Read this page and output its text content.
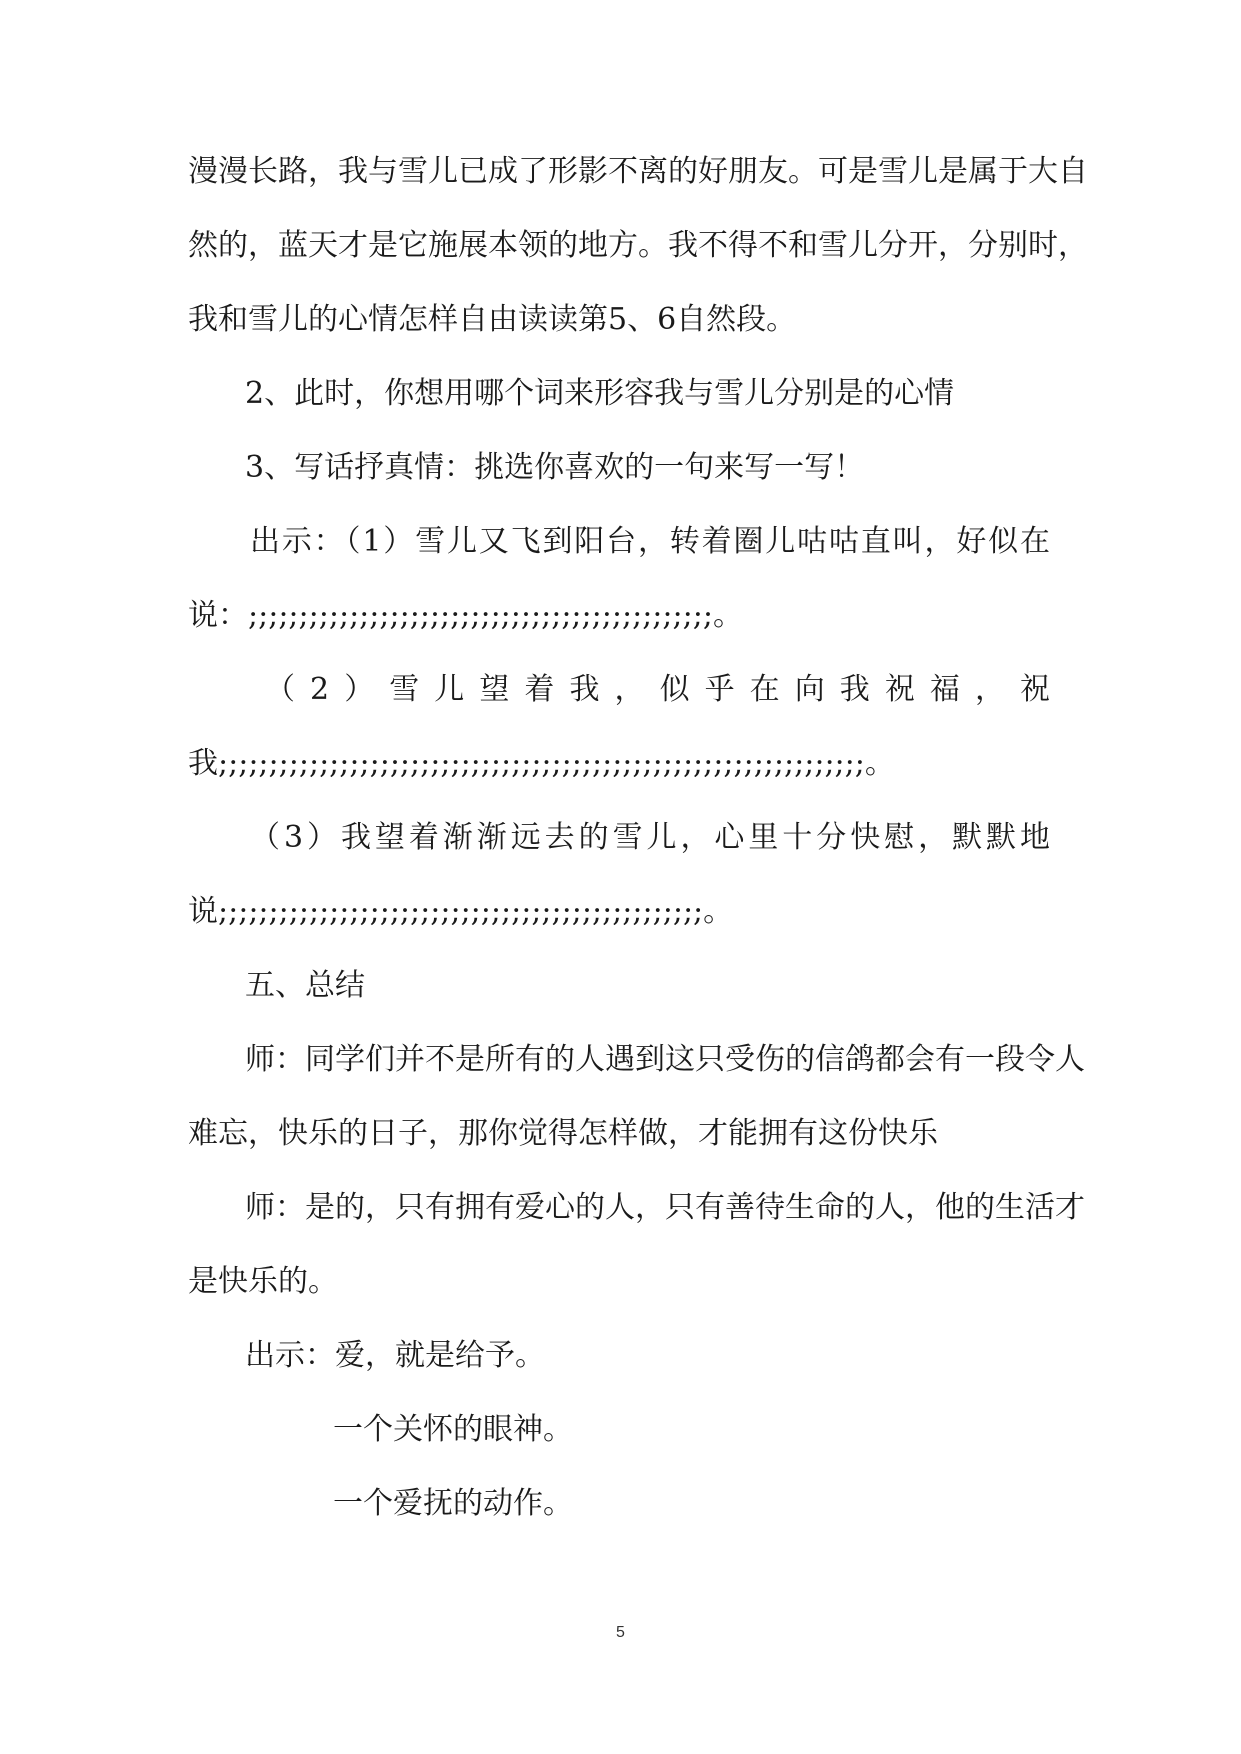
漫漫长路，我与雪儿已成了形影不离的好朋友。可是雪儿是属于大自
然的，蓝天才是它施展本领的地方。我不得不和雪儿分开，分别时，
我和雪儿的心情怎样自由读读第5、6自然段。
2、此时，你想用哪个词来形容我与雪儿分别是的心情
3、写话抒真情：挑选你喜欢的一句来写一写！
出示：（1）雪儿又飞到阳台，转着圈儿咕咕直叫，好似在
说：;;;;;;;;;;;;;;;;;;;;;;;;;;;;;;;;;;;;;;;;;;;;;;。
（2）雪儿望着我，似乎在向我祝福，祝
我;;;;;;;;;;;;;;;;;;;;;;;;;;;;;;;;;;;;;;;;;;;;;;;;;;;;;;;;;;;;;;;;。
（3）我望着渐渐远去的雪儿，心里十分快慰，默默地
说;;;;;;;;;;;;;;;;;;;;;;;;;;;;;;;;;;;;;;;;;;;;;;;;。
五、总结
师：同学们并不是所有的人遇到这只受伤的信鸽都会有一段令人
难忘，快乐的日子，那你觉得怎样做，才能拥有这份快乐
师：是的，只有拥有爱心的人，只有善待生命的人，他的生活才
是快乐的。
出示：爱，就是给予。
一个关怀的眼神。
一个爱抚的动作。
5
